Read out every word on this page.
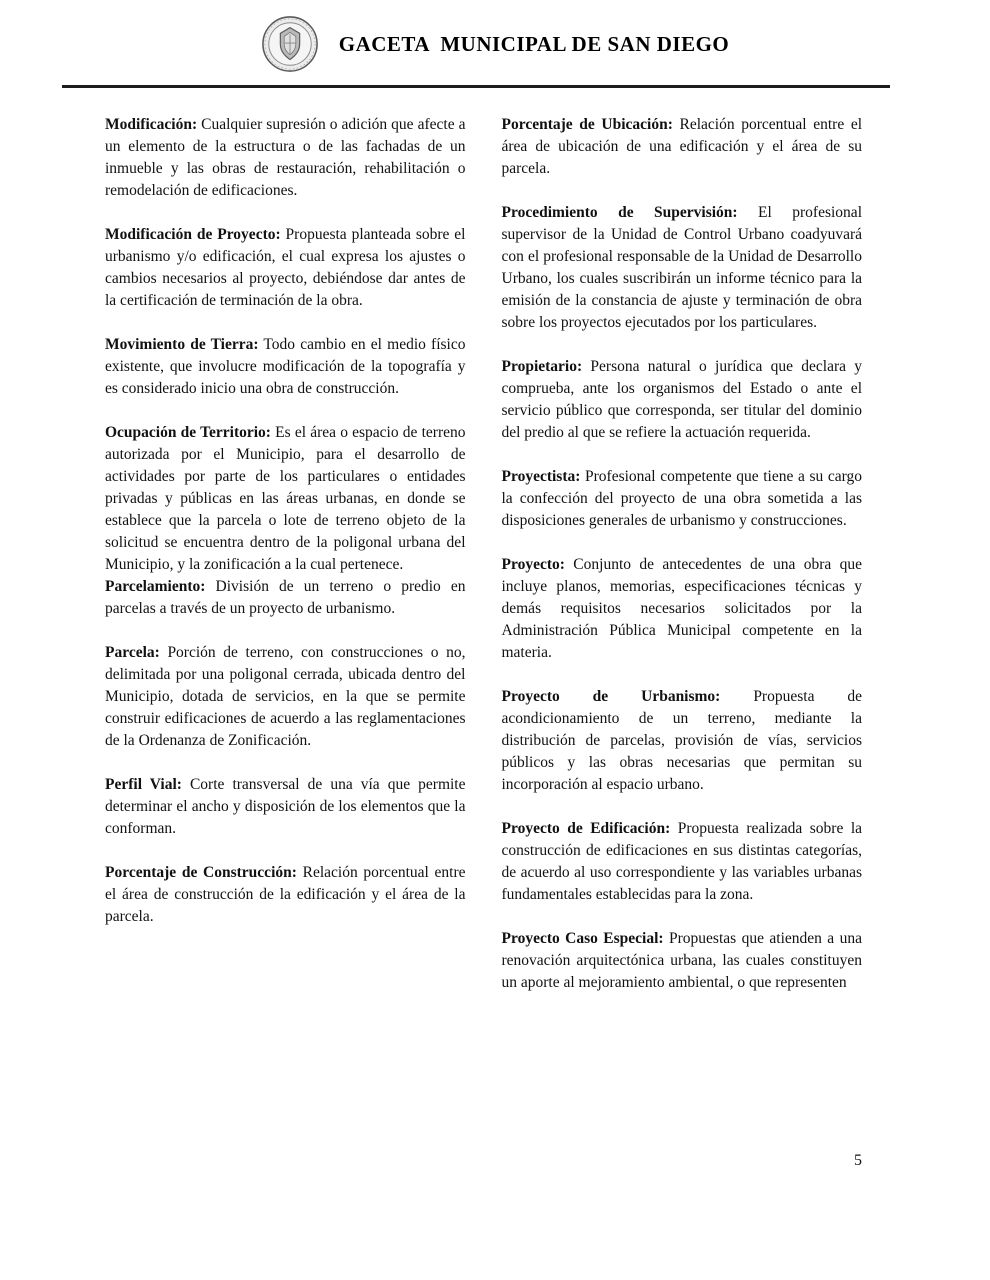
GACETA  MUNICIPAL DE SAN DIEGO

Modificación: Cualquier supresión o adición que afecte a un elemento de la estructura o de las fachadas de un inmueble y las obras de restauración, rehabilitación o remodelación de edificaciones.

Modificación de Proyecto: Propuesta planteada sobre el urbanismo y/o edificación, el cual expresa los ajustes o cambios necesarios al proyecto, debiéndose dar antes de la certificación de terminación de la obra.

Movimiento de Tierra: Todo cambio en el medio físico existente, que involucre modificación de la topografía y es considerado inicio una obra de construcción.

Ocupación de Territorio: Es el área o espacio de terreno autorizada por el Municipio, para el desarrollo de actividades por parte de los particulares o entidades privadas y públicas en las áreas urbanas, en donde se establece que la parcela o lote de terreno objeto de la solicitud se encuentra dentro de la poligonal urbana del Municipio, y la zonificación a la cual pertenece.

Parcelamiento: División de un terreno o predio en parcelas a través de un proyecto de urbanismo.

Parcela: Porción de terreno, con construcciones o no, delimitada por una poligonal cerrada, ubicada dentro del Municipio, dotada de servicios, en la que se permite construir edificaciones de acuerdo a las reglamentaciones de la Ordenanza de Zonificación.

Perfil Vial: Corte transversal de una vía que permite determinar el ancho y disposición de los elementos que la conforman.

Porcentaje de Construcción: Relación porcentual entre el área de construcción de la edificación y el área de la parcela.

Porcentaje de Ubicación: Relación porcentual entre el área de ubicación de una edificación y el área de su parcela.

Procedimiento de Supervisión: El profesional supervisor de la Unidad de Control Urbano coadyuvará con el profesional responsable de la Unidad de Desarrollo Urbano, los cuales suscribirán un informe técnico para la emisión de la constancia de ajuste y terminación de obra sobre los proyectos ejecutados por los particulares.

Propietario: Persona natural o jurídica que declara y comprueba, ante los organismos del Estado o ante el servicio público que corresponda, ser titular del dominio del predio al que se refiere la actuación requerida.

Proyectista: Profesional competente que tiene a su cargo la confección del proyecto de una obra sometida a las disposiciones generales de urbanismo y construcciones.

Proyecto: Conjunto de antecedentes de una obra que incluye planos, memorias, especificaciones técnicas y demás requisitos necesarios solicitados por la Administración Pública Municipal competente en la materia.

Proyecto de Urbanismo: Propuesta de acondicionamiento de un terreno, mediante la distribución de parcelas, provisión de vías, servicios públicos y las obras necesarias que permitan su incorporación al espacio urbano.

Proyecto de Edificación: Propuesta realizada sobre la construcción de edificaciones en sus distintas categorías, de acuerdo al uso correspondiente y las variables urbanas fundamentales establecidas para la zona.

Proyecto Caso Especial: Propuestas que atienden a una renovación arquitectónica urbana, las cuales constituyen un aporte al mejoramiento ambiental, o que representen

5
